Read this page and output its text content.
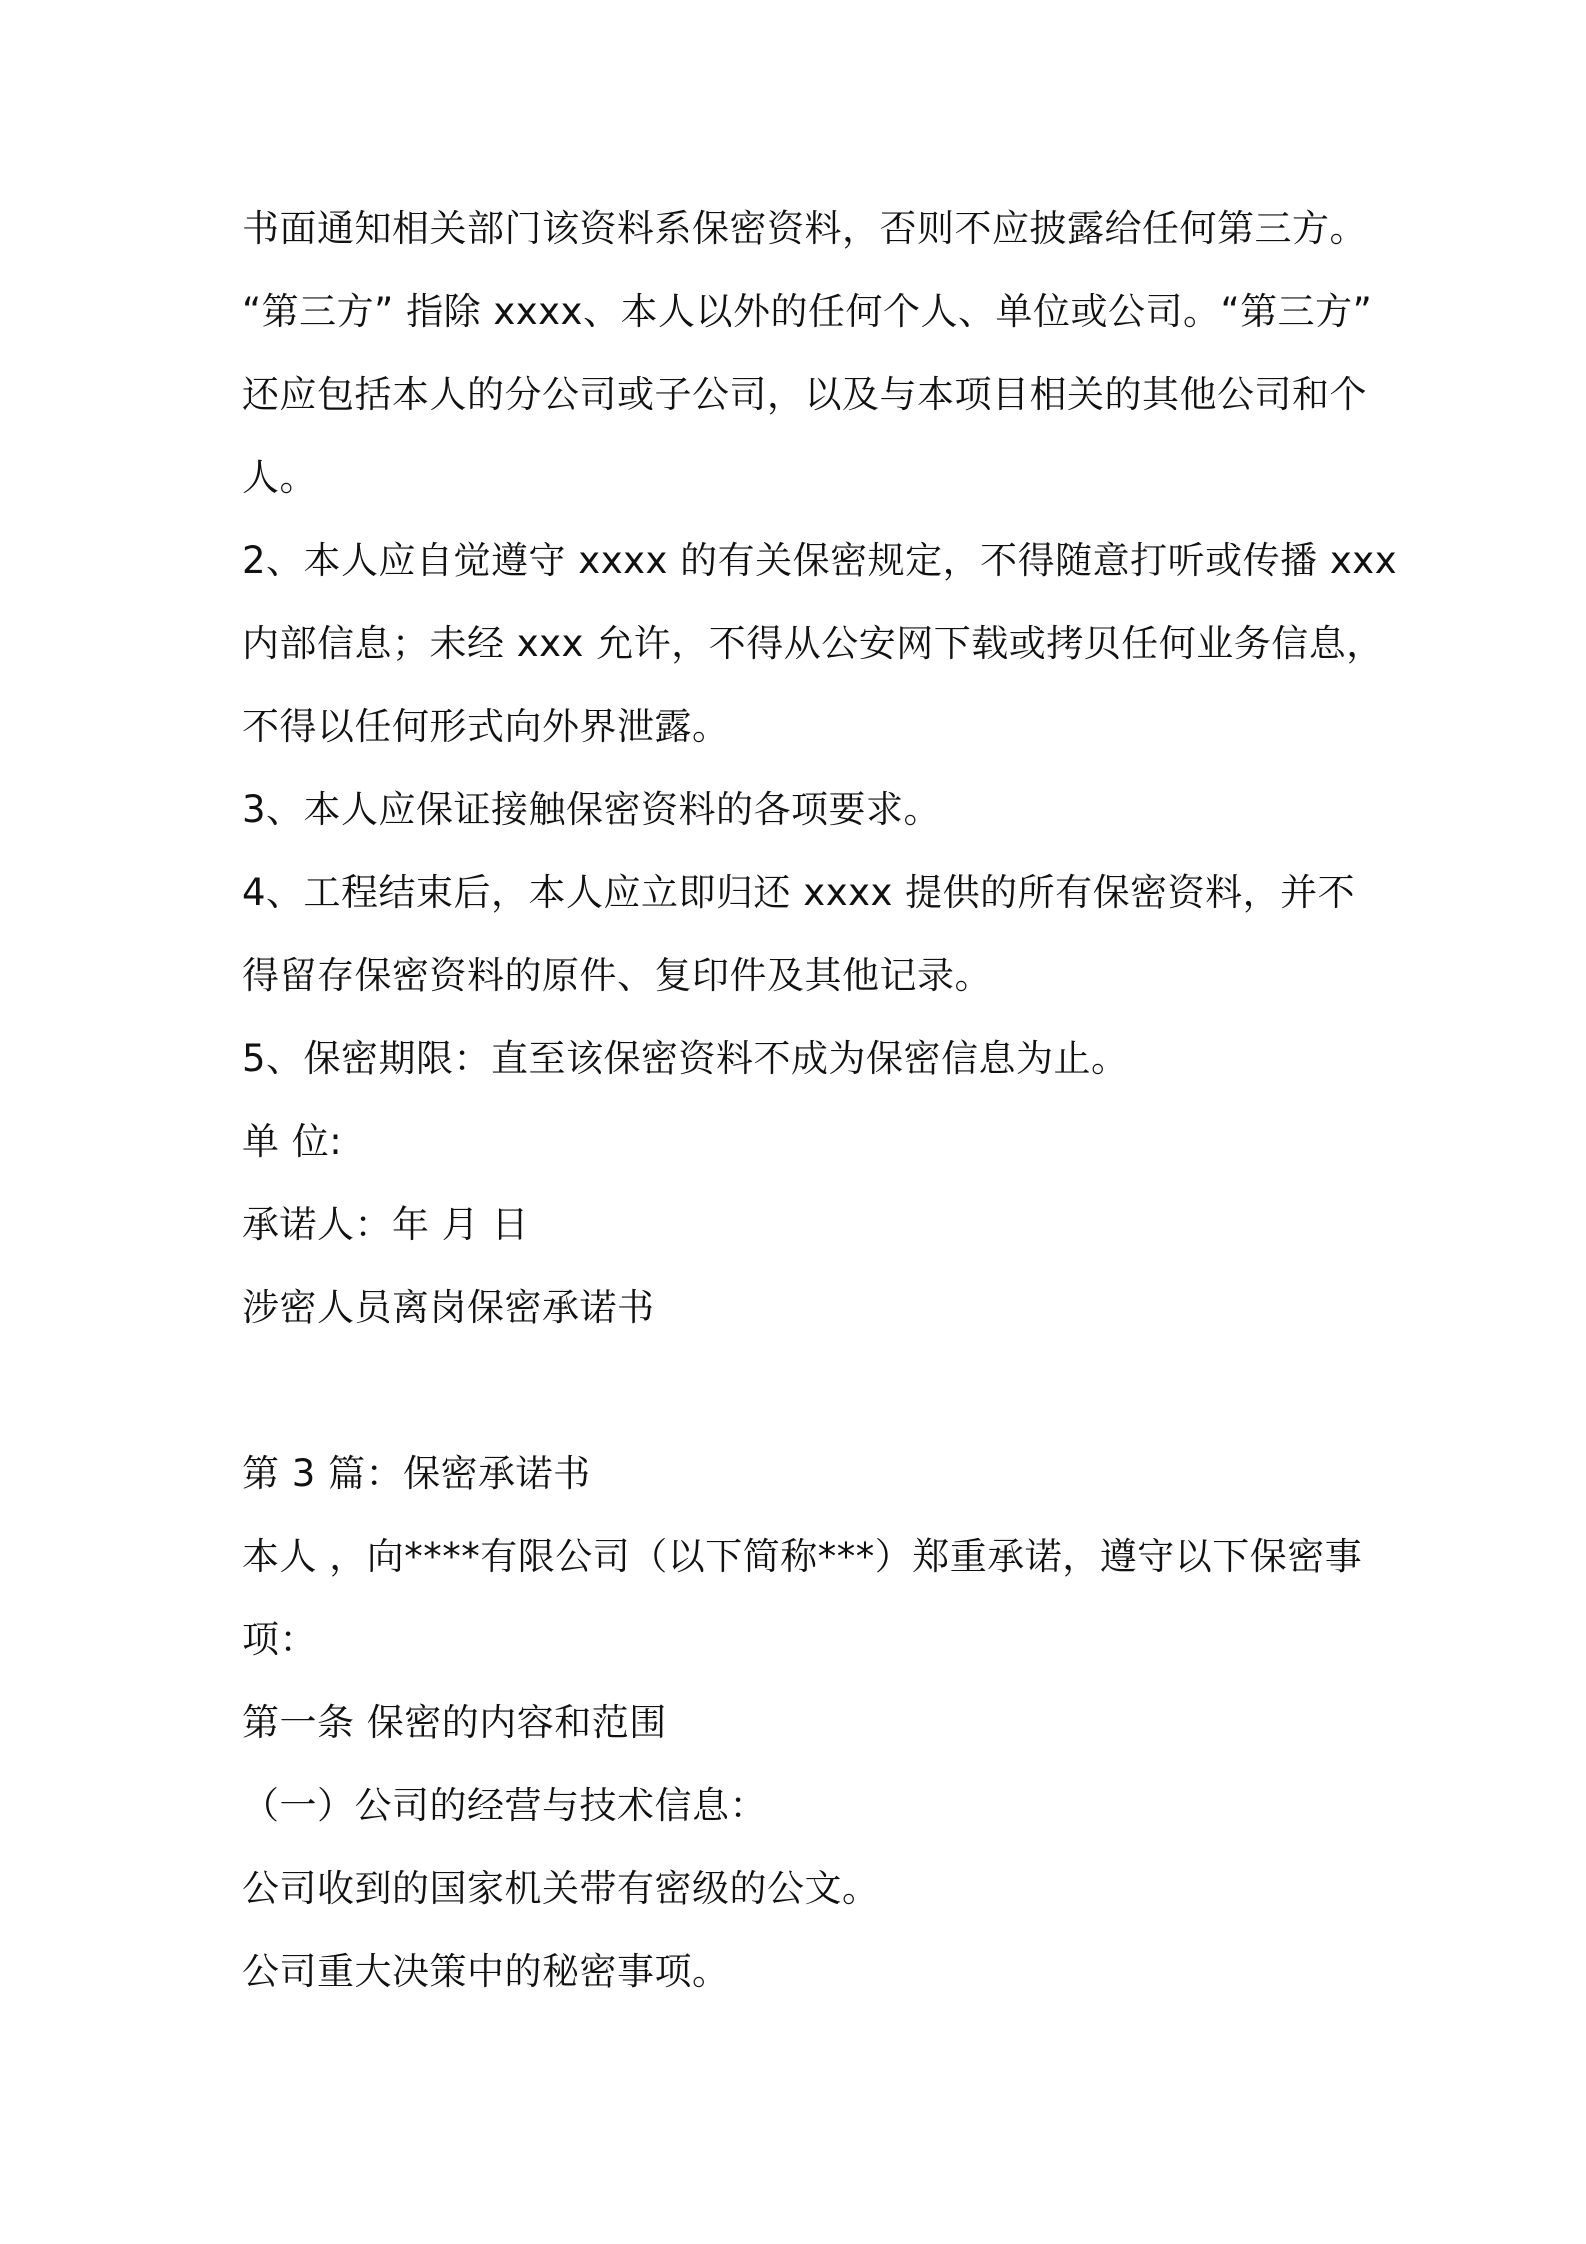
书面通知相关部门该资料系保密资料，否则不应披露给任何第三方。
“第三方” 指除 xxxx、本人以外的任何个人、单位或公司。“第三方”
还应包括本人的分公司或子公司，以及与本项目相关的其他公司和个
人。
2、本人应自觉遵守 xxxx 的有关保密规定，不得随意打听或传播 xxx
内部信息；未经 xxx 允许，不得从公安网下载或拷贝任何业务信息，
不得以任何形式向外界泄露。
3、本人应保证接触保密资料的各项要求。
4、工程结束后，本人应立即归还 xxxx 提供的所有保密资料，并不
得留存保密资料的原件、复印件及其他记录。
5、保密期限：直至该保密资料不成为保密信息为止。
单 位:
承诺人：年 月 日
涉密人员离岗保密承诺书
第 3 篇：保密承诺书
本人 ，向****有限公司（以下简称***）郑重承诺，遵守以下保密事
项：
第一条 保密的内容和范围
（一）公司的经营与技术信息：
公司收到的国家机关带有密级的公文。
公司重大决策中的秘密事项。
